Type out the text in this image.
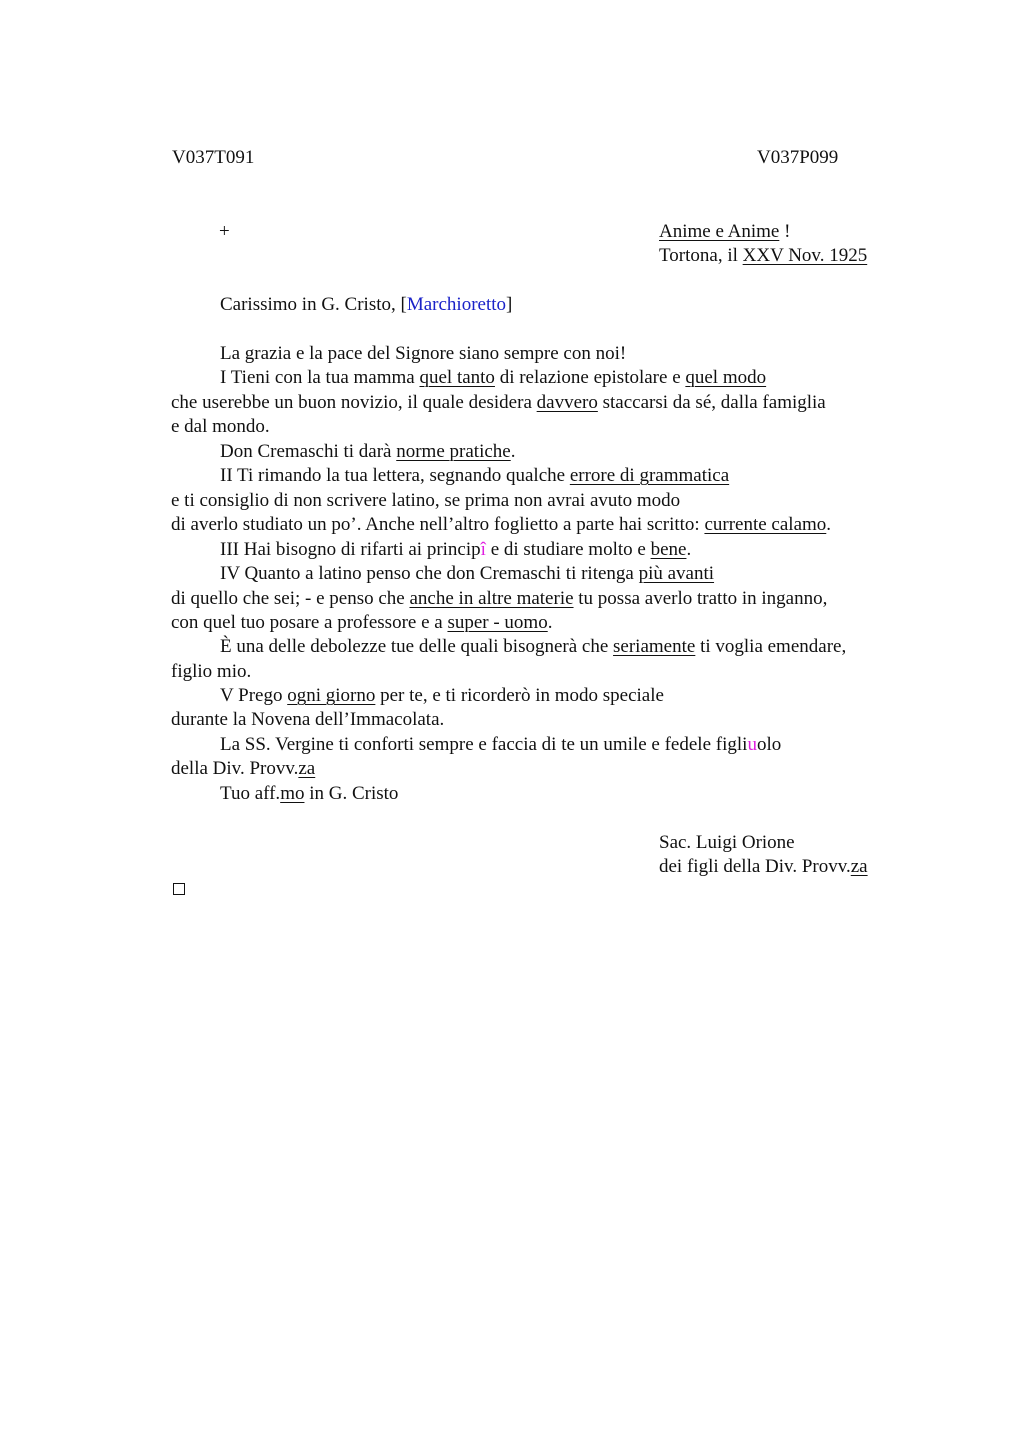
V037T091	V037P099
+	Anime e Anime !
Tortona, il XXV Nov. 1925
Carissimo in G. Cristo, [Marchioretto]
La grazia e la pace del Signore siano sempre con noi!
I Tieni con la tua mamma quel tanto di relazione epistolare e quel modo
che userebbe un buon novizio, il quale desidera davvero staccarsi da sé, dalla famiglia
e dal mondo.
Don Cremaschi ti darà norme pratiche.
II Ti rimando la tua lettera, segnando qualche errore di grammatica
e ti consiglio di non scrivere latino, se prima non avrai avuto modo
di averlo studiato un po’. Anche nell’altro foglietto a parte hai scritto: currente calamo.
III Hai bisogno di rifarti ai principî e di studiare molto e bene.
IV Quanto a latino penso che don Cremaschi ti ritenga più avanti
di quello che sei; - e penso che anche in altre materie tu possa averlo tratto in inganno,
con quel tuo posare a professore e a super - uomo.
È una delle debolezze tue delle quali bisognerà che seriamente ti voglia emendare,
figlio mio.
V Prego ogni giorno per te, e ti ricorderò in modo speciale
durante la Novena dell’Immacolata.
La SS. Vergine ti conforti sempre e faccia di te un umile e fedele figliuolo
della Div. Provv.za
Tuo aff.mo in G. Cristo
Sac. Luigi Orione
dei figli della Div. Provv.za
